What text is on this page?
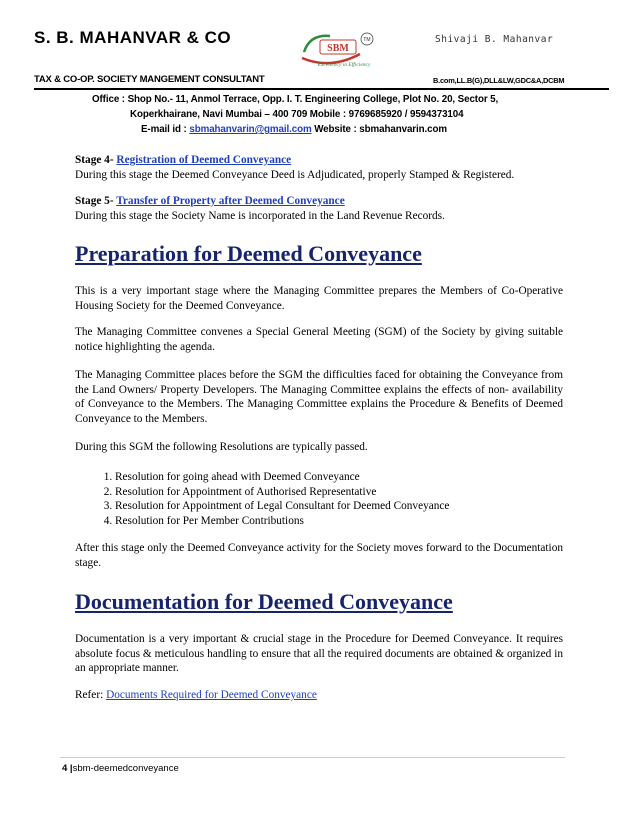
S. B. MAHANVAR & CO
SBM
TM
Excellency in Efficiency
Shivaji B. Mahanvar
TAX & CO-OP. SOCIETY MANGEMENT CONSULTANT	B.com,LL.B(G),DLL&LW,GDC&A,DCBM
Office : Shop No.- 11, Anmol Terrace, Opp. I. T. Engineering College, Plot No. 20, Sector 5,
Koperkhairane, Navi Mumbai – 400 709 Mobile : 9769685920 / 9594373104
E-mail id : sbmahanvarin@gmail.com Website : sbmahanvarin.com
Stage 4- Registration of Deemed Conveyance
During this stage the Deemed Conveyance Deed is Adjudicated, properly Stamped & Registered.
Stage 5- Transfer of Property after Deemed Conveyance
During this stage the Society Name is incorporated in the Land Revenue Records.
Preparation for Deemed Conveyance
This is a very important stage where the Managing Committee prepares the Members of Co-Operative Housing Society for the Deemed Conveyance.
The Managing Committee convenes a Special General Meeting (SGM) of the Society by giving suitable notice highlighting the agenda.
The Managing Committee places before the SGM the difficulties faced for obtaining the Conveyance from the Land Owners/ Property Developers. The Managing Committee explains the effects of non- availability of Conveyance to the Members. The Managing Committee explains the Procedure & Benefits of Deemed Conveyance to the Members.
During this SGM the following Resolutions are typically passed.
1. Resolution for going ahead with Deemed Conveyance
2. Resolution for Appointment of Authorised Representative
3. Resolution for Appointment of Legal Consultant for Deemed Conveyance
4. Resolution for Per Member Contributions
After this stage only the Deemed Conveyance activity for the Society moves forward to the Documentation stage.
Documentation for Deemed Conveyance
Documentation is a very important & crucial stage in the Procedure for Deemed Conveyance. It requires absolute focus & meticulous handling to ensure that all the required documents are obtained & organized in an appropriate manner.
Refer: Documents Required for Deemed Conveyance
4 |sbm-deemedconveyance
